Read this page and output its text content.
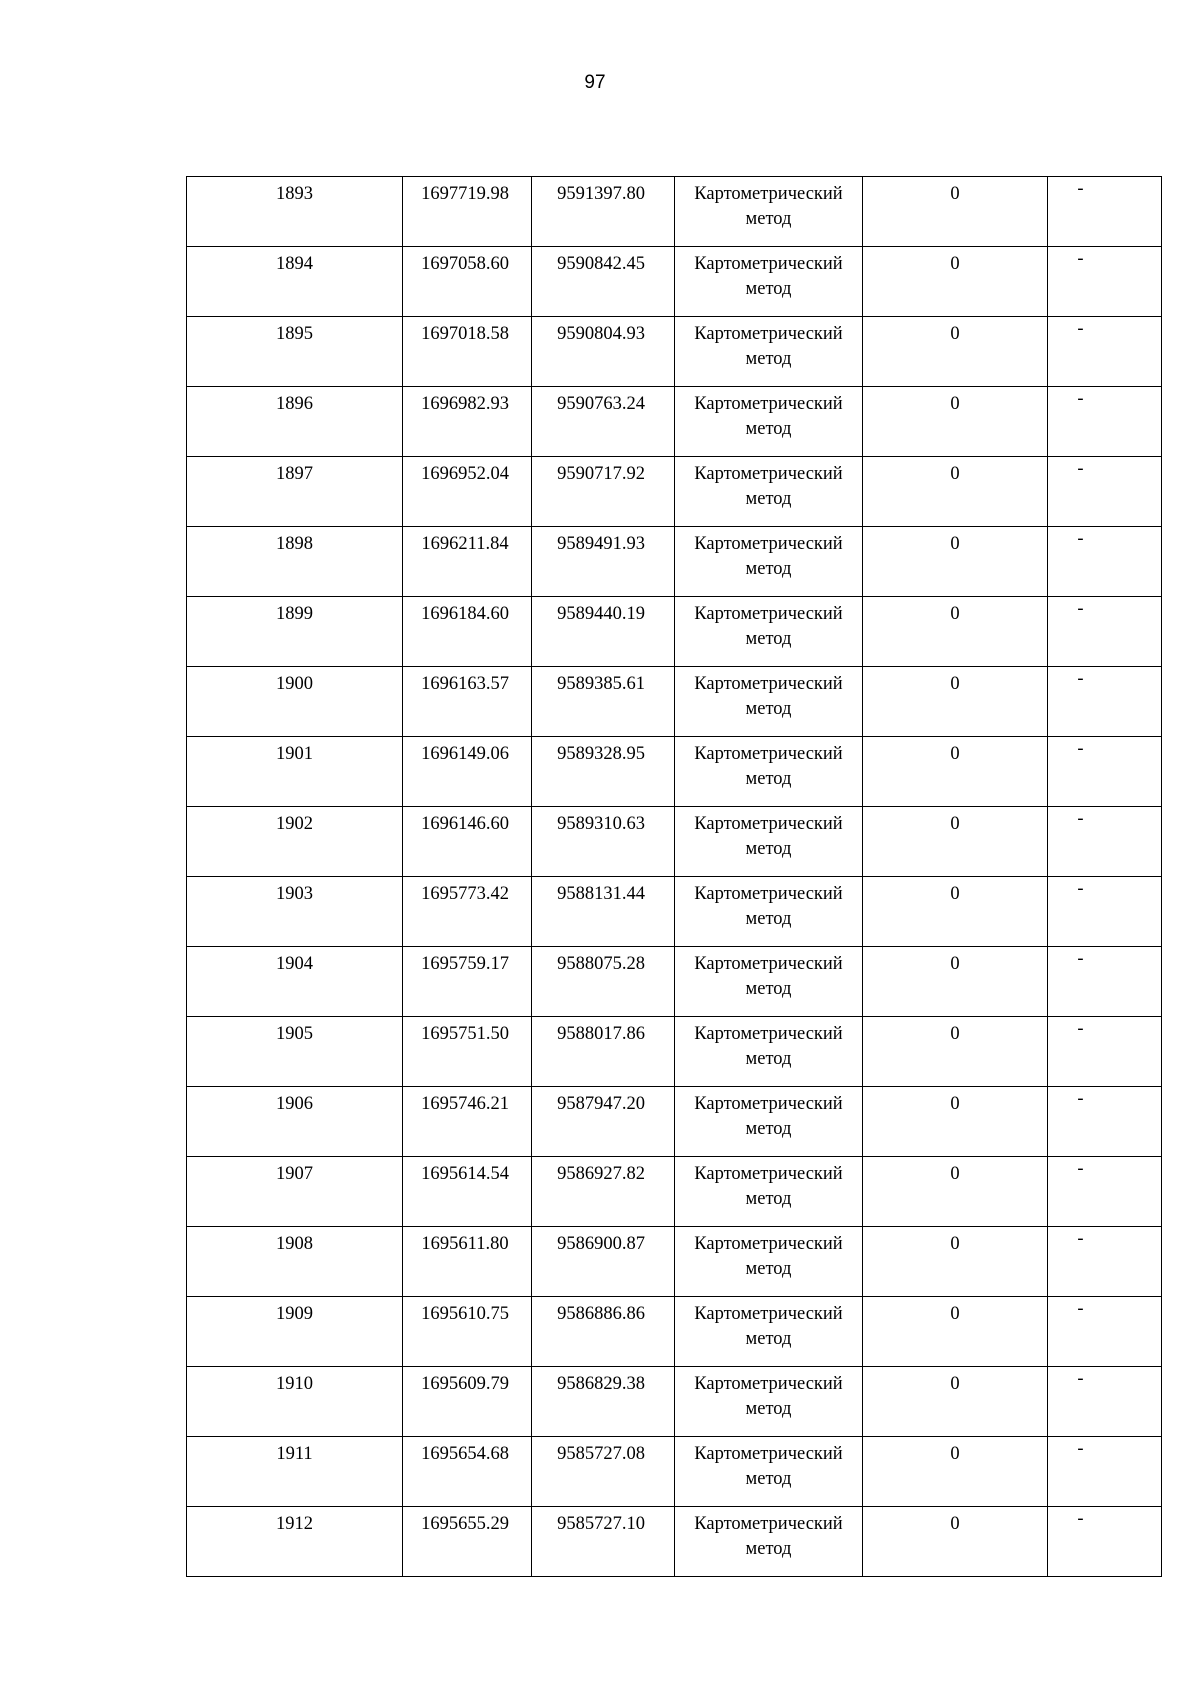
97
1893	1697719.98	9591397.80	Картометрический метод	0	-

1894	1697058.60	9590842.45	Картометрический метод	0	-

1895	1697018.58	9590804.93	Картометрический метод	0	-

1896	1696982.93	9590763.24	Картометрический метод	0	-

1897	1696952.04	9590717.92	Картометрический метод	0	-

1898	1696211.84	9589491.93	Картометрический метод	0	-

1899	1696184.60	9589440.19	Картометрический метод	0	-

1900	1696163.57	9589385.61	Картометрический метод	0	-

1901	1696149.06	9589328.95	Картометрический метод	0	-

1902	1696146.60	9589310.63	Картометрический метод	0	-

1903	1695773.42	9588131.44	Картометрический метод	0	-

1904	1695759.17	9588075.28	Картометрический метод	0	-

1905	1695751.50	9588017.86	Картометрический метод	0	-

1906	1695746.21	9587947.20	Картометрический метод	0	-

1907	1695614.54	9586927.82	Картометрический метод	0	-

1908	1695611.80	9586900.87	Картометрический метод	0	-

1909	1695610.75	9586886.86	Картометрический метод	0	-

1910	1695609.79	9586829.38	Картометрический метод	0	-

1911	1695654.68	9585727.08	Картометрический метод	0	-

1912	1695655.29	9585727.10	Картометрический метод	0	-
